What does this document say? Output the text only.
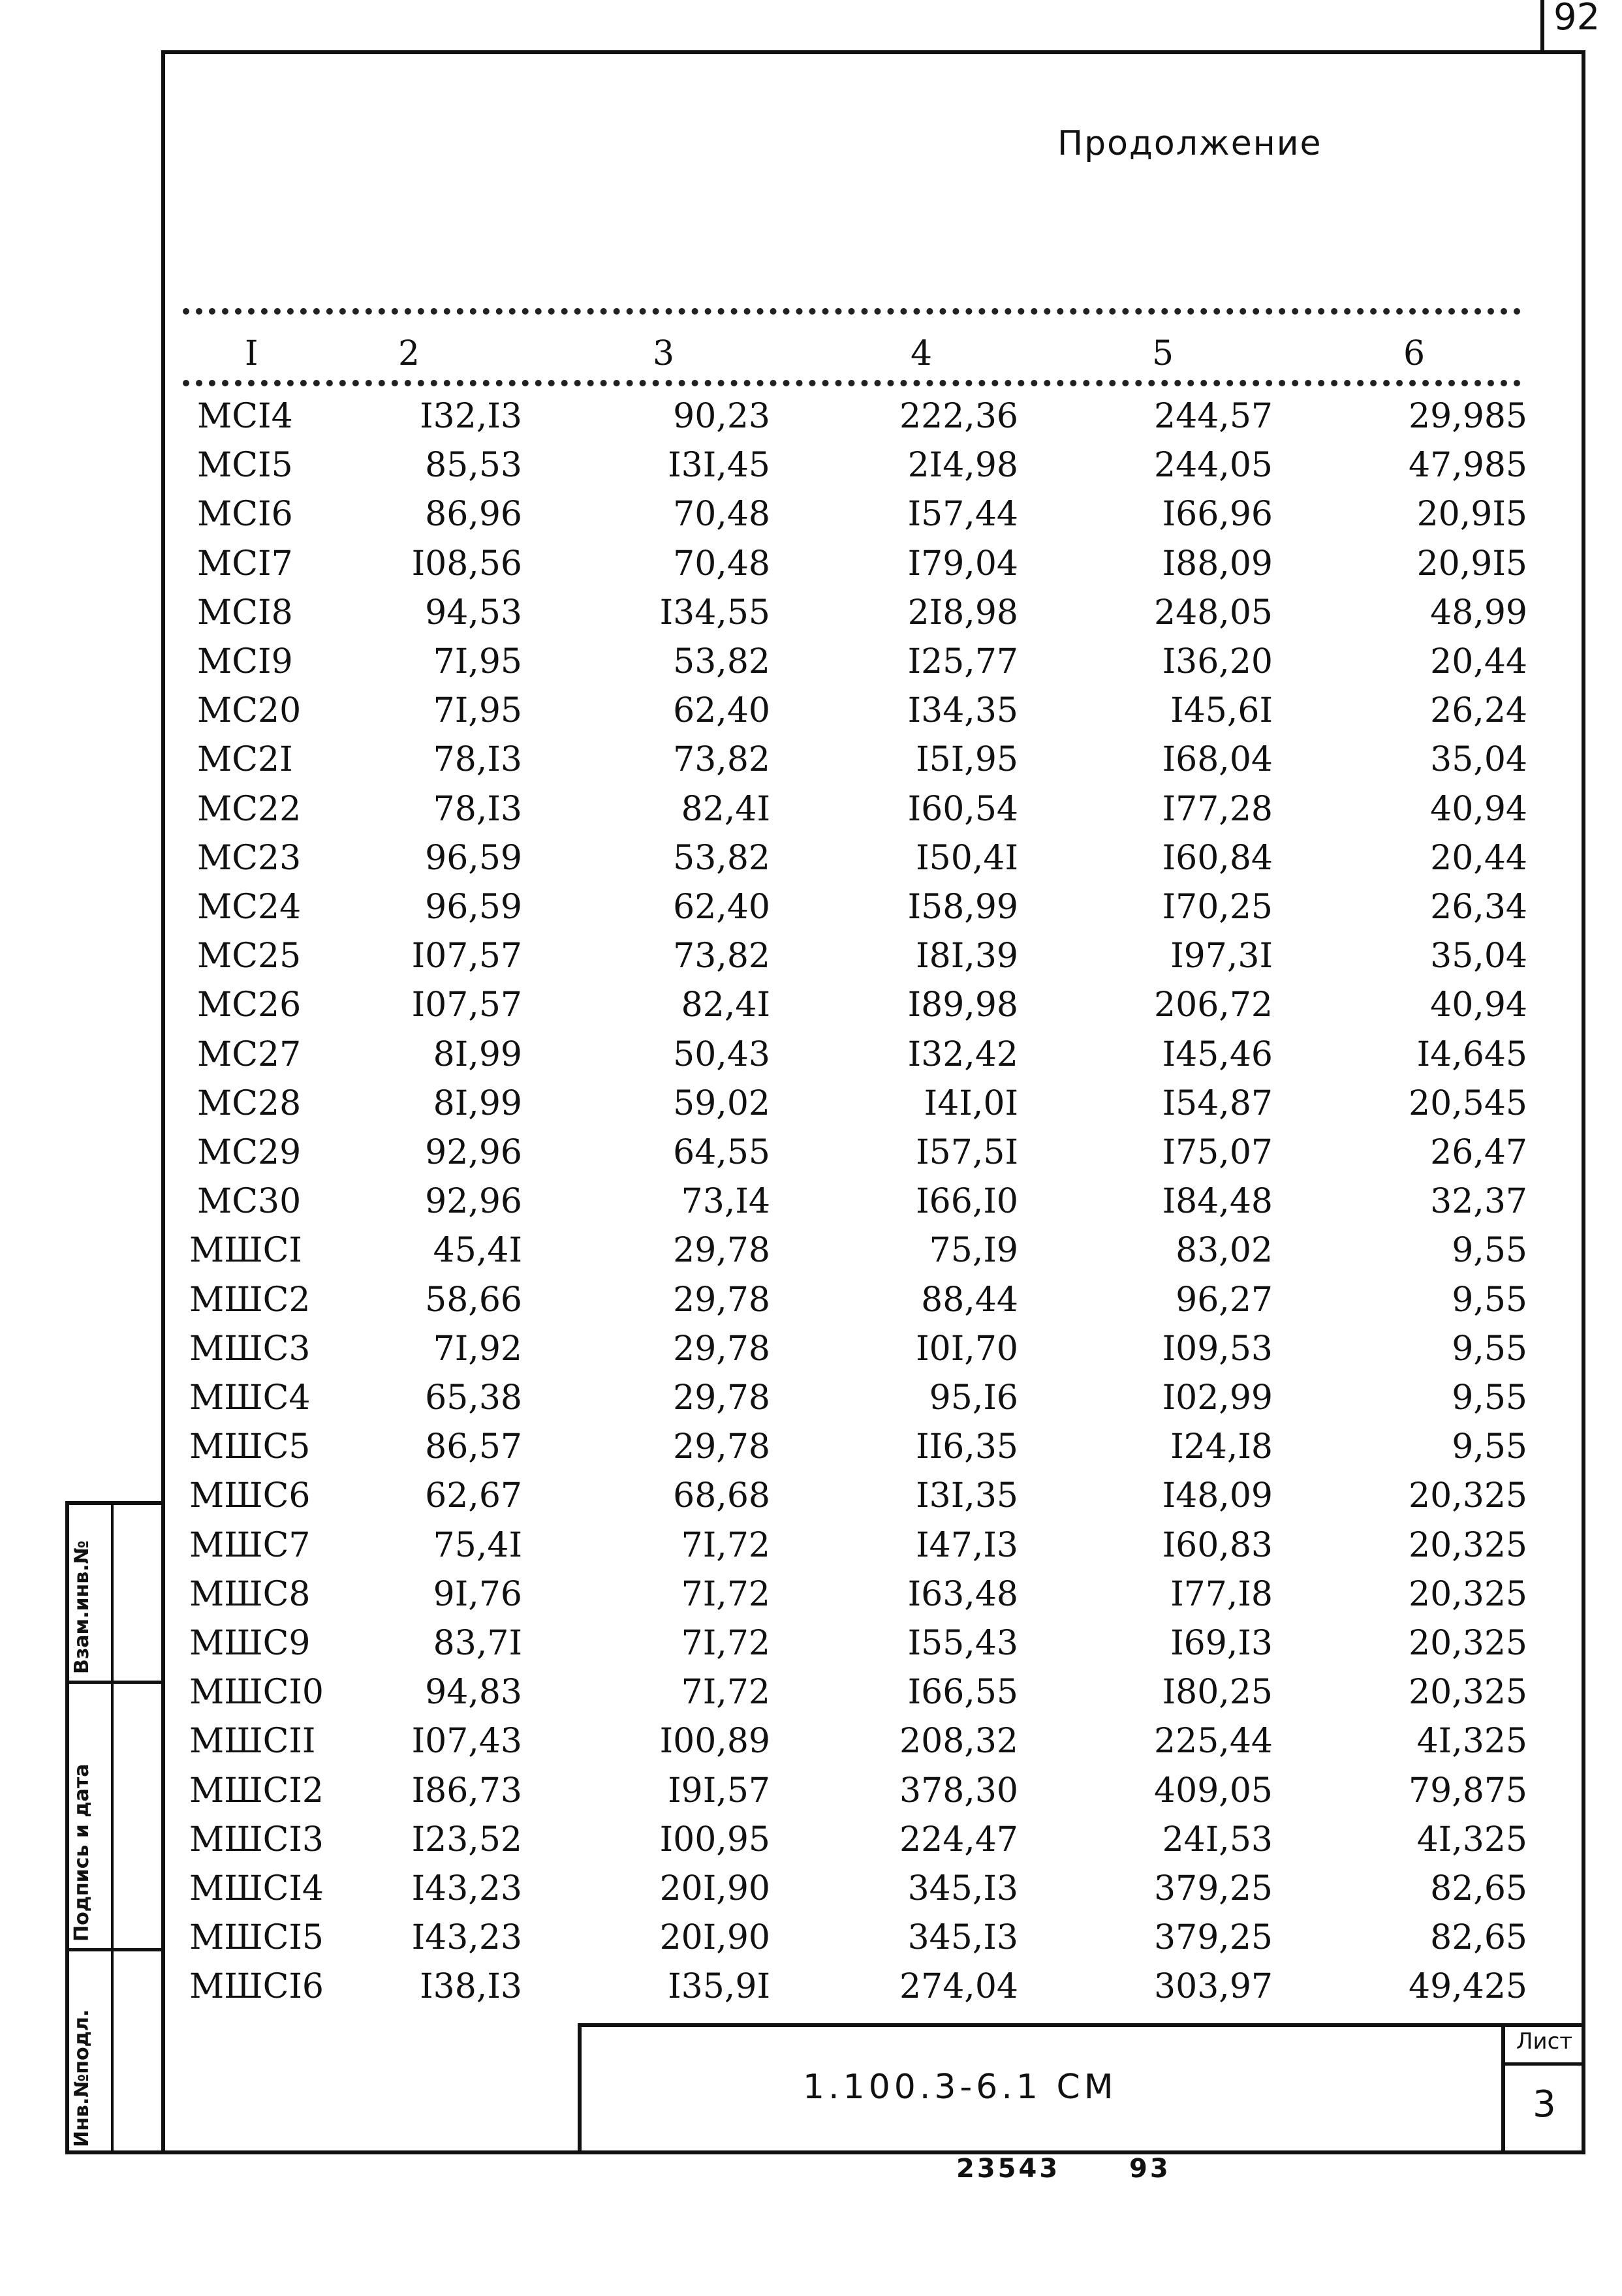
92
Продолжение
I	2	3	4	5	6
MCI4	I32,I3	90,23	222,36	244,57	29,985
MCI5	85,53	I3I,45	2I4,98	244,05	47,985
MCI6	86,96	70,48	I57,44	I66,96	20,9I5
MCI7	I08,56	70,48	I79,04	I88,09	20,9I5
MCI8	94,53	I34,55	2I8,98	248,05	48,99
MCI9	7I,95	53,82	I25,77	I36,20	20,44
MC20	7I,95	62,40	I34,35	I45,6I	26,24
MC2I	78,I3	73,82	I5I,95	I68,04	35,04
MC22	78,I3	82,4I	I60,54	I77,28	40,94
MC23	96,59	53,82	I50,4I	I60,84	20,44
MC24	96,59	62,40	I58,99	I70,25	26,34
MC25	I07,57	73,82	I8I,39	I97,3I	35,04
MC26	I07,57	82,4I	I89,98	206,72	40,94
MC27	8I,99	50,43	I32,42	I45,46	I4,645
MC28	8I,99	59,02	I4I,0I	I54,87	20,545
MC29	92,96	64,55	I57,5I	I75,07	26,47
MC30	92,96	73,I4	I66,I0	I84,48	32,37
МШСI	45,4I	29,78	75,I9	83,02	9,55
МШС2	58,66	29,78	88,44	96,27	9,55
МШС3	7I,92	29,78	I0I,70	I09,53	9,55
МШС4	65,38	29,78	95,I6	I02,99	9,55
МШС5	86,57	29,78	II6,35	I24,I8	9,55
МШС6	62,67	68,68	I3I,35	I48,09	20,325
МШС7	75,4I	7I,72	I47,I3	I60,83	20,325
МШС8	9I,76	7I,72	I63,48	I77,I8	20,325
МШС9	83,7I	7I,72	I55,43	I69,I3	20,325
МШСI0	94,83	7I,72	I66,55	I80,25	20,325
МШСII	I07,43	I00,89	208,32	225,44	4I,325
МШСI2	I86,73	I9I,57	378,30	409,05	79,875
МШСI3	I23,52	I00,95	224,47	24I,53	4I,325
МШСI4	I43,23	20I,90	345,I3	379,25	82,65
МШСI5	I43,23	20I,90	345,I3	379,25	82,65
МШСI6	I38,I3	I35,9I	274,04	303,97	49,425
Взам.инв.№
Подпись и дата
Инв.№подл.	1.100.3-6.1 СМ
Лист
3
23543	93
